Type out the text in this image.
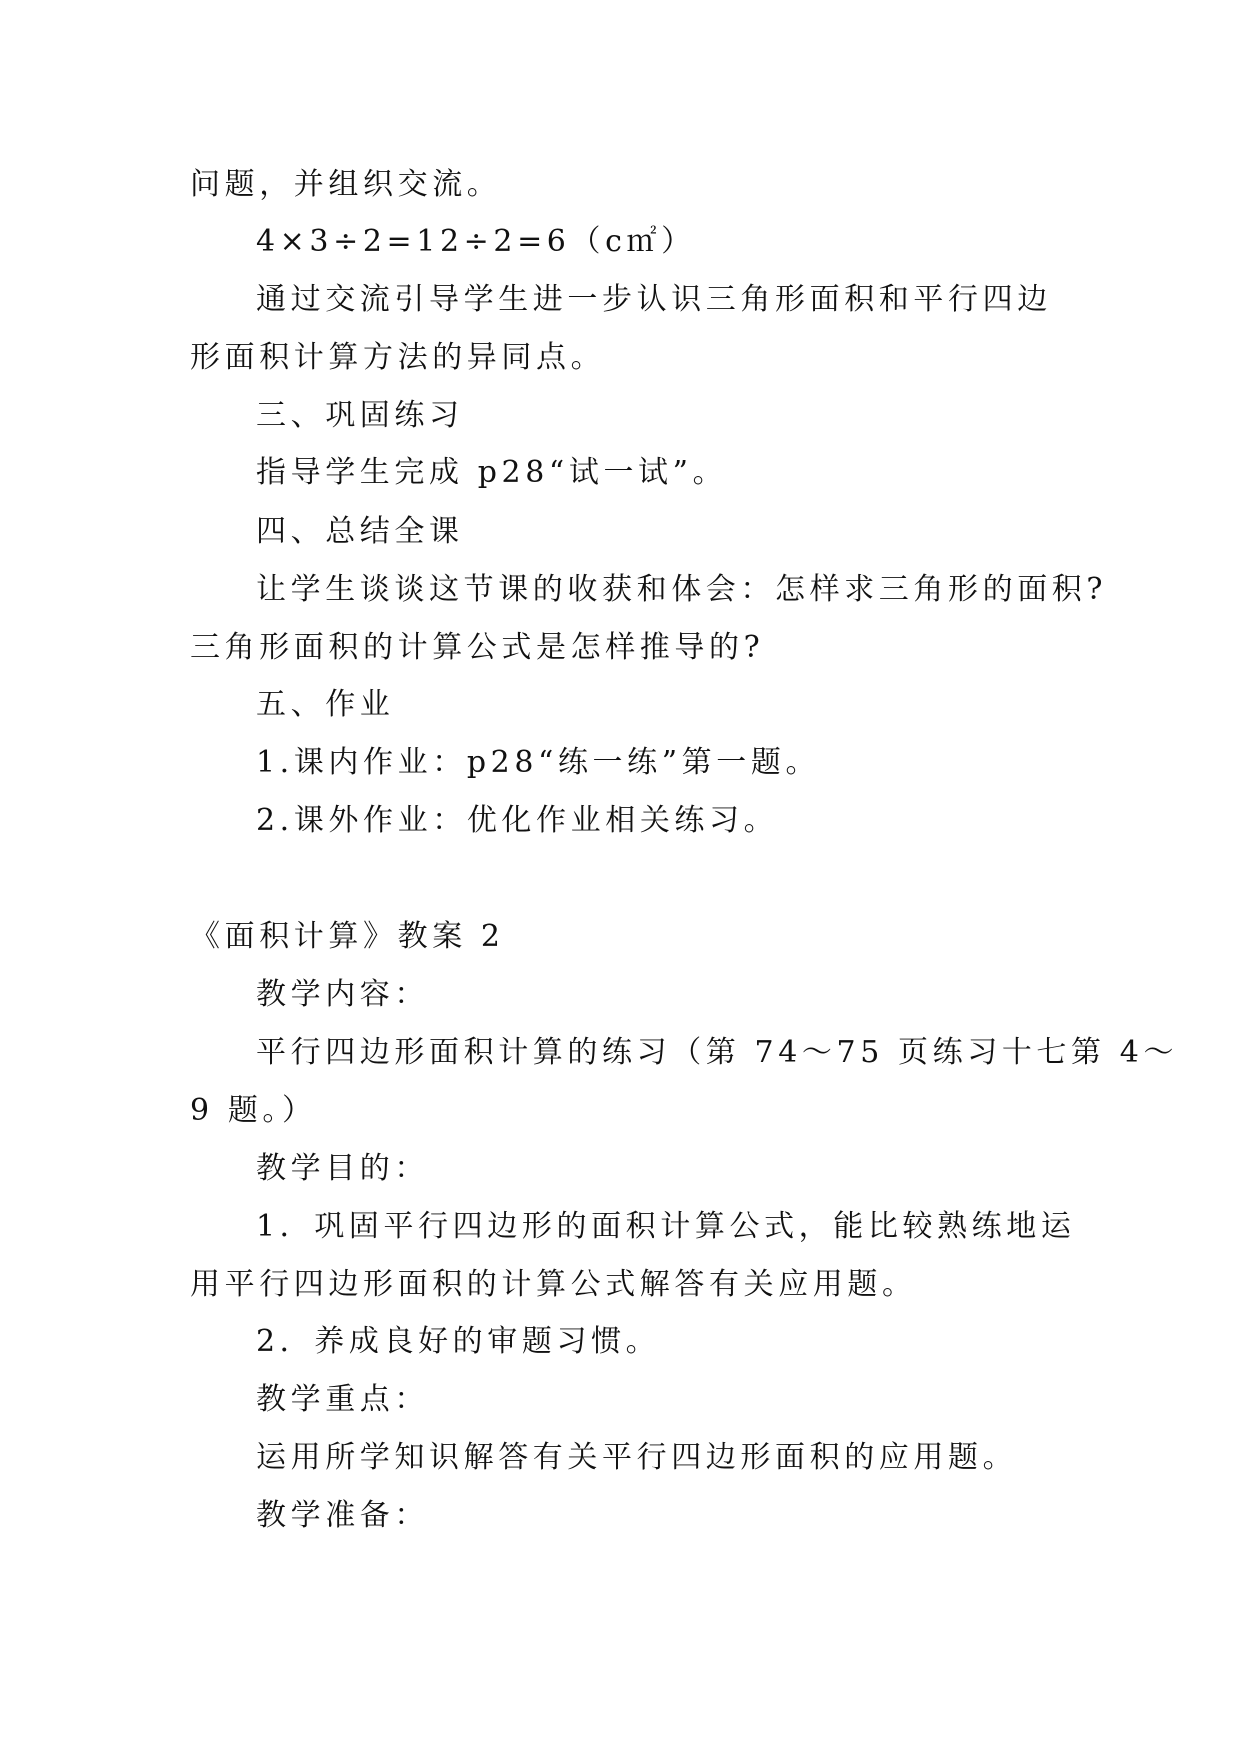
问题，并组织交流。
4×3÷2=12÷2=6（c㎡）
通过交流引导学生进一步认识三角形面积和平行四边
形面积计算方法的异同点。
三、巩固练习
指导学生完成 p28“试一试”。
四、总结全课
让学生谈谈这节课的收获和体会：怎样求三角形的面积?
三角形面积的计算公式是怎样推导的?
五、作业
1.课内作业：p28“练一练”第一题。
2.课外作业：优化作业相关练习。
《面积计算》教案 2
教学内容：
平行四边形面积计算的练习（第 74～75 页练习十七第 4～
9 题。）
教学目的：
1．巩固平行四边形的面积计算公式，能比较熟练地运
用平行四边形面积的计算公式解答有关应用题。
2．养成良好的审题习惯。
教学重点：
运用所学知识解答有关平行四边形面积的应用题。
教学准备：
